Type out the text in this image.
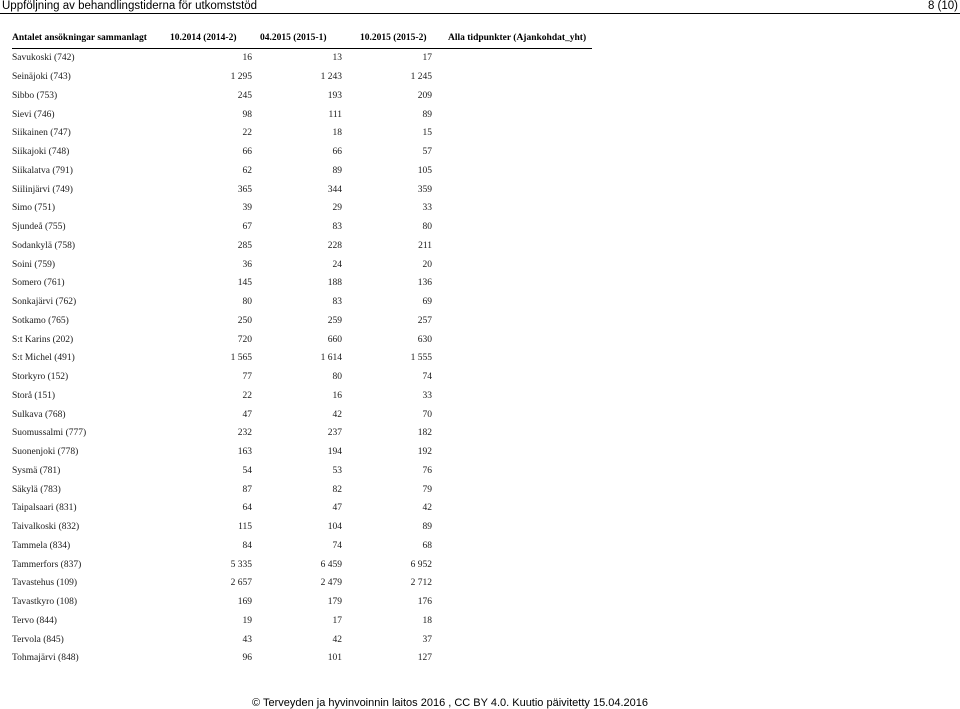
Uppföljning av behandlingstiderna för utkomststöd	8 (10)
Antalet ansökningar sammanlagt	10.2014 (2014-2)	04.2015 (2015-1)	10.2015 (2015-2)	Alla tidpunkter (Ajankohdat_yht)
Savukoski (742)	16	13	17	
Seinäjoki (743)	1 295	1 243	1 245	
Sibbo (753)	245	193	209	
Sievi (746)	98	111	89	
Siikainen (747)	22	18	15	
Siikajoki (748)	66	66	57	
Siikalatva (791)	62	89	105	
Siilinjärvi (749)	365	344	359	
Simo (751)	39	29	33	
Sjundeå (755)	67	83	80	
Sodankylä (758)	285	228	211	
Soini (759)	36	24	20	
Somero (761)	145	188	136	
Sonkajärvi (762)	80	83	69	
Sotkamo (765)	250	259	257	
S:t Karins (202)	720	660	630	
S:t Michel (491)	1 565	1 614	1 555	
Storkyro (152)	77	80	74	
Storå (151)	22	16	33	
Sulkava (768)	47	42	70	
Suomussalmi (777)	232	237	182	
Suonenjoki (778)	163	194	192	
Sysmä (781)	54	53	76	
Säkylä (783)	87	82	79	
Taipalsaari (831)	64	47	42	
Taivalkoski (832)	115	104	89	
Tammela (834)	84	74	68	
Tammerfors (837)	5 335	6 459	6 952	
Tavastehus (109)	2 657	2 479	2 712	
Tavastkyro (108)	169	179	176	
Tervo (844)	19	17	18	
Tervola (845)	43	42	37	
Tohmajärvi (848)	96	101	127	
© Terveyden ja hyvinvoinnin laitos 2016 , CC BY 4.0. Kuutio päivitetty 15.04.2016
